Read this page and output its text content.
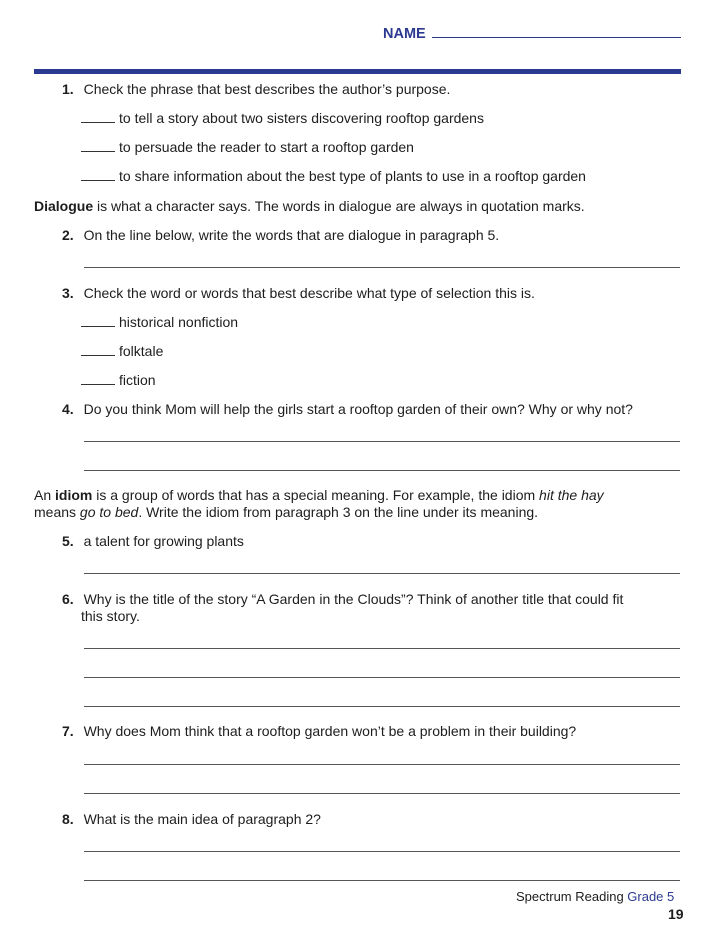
NAME
1. Check the phrase that best describes the author’s purpose.
to tell a story about two sisters discovering rooftop gardens
to persuade the reader to start a rooftop garden
to share information about the best type of plants to use in a rooftop garden
Dialogue is what a character says. The words in dialogue are always in quotation marks.
2. On the line below, write the words that are dialogue in paragraph 5.
3. Check the word or words that best describe what type of selection this is.
historical nonfiction
folktale
fiction
4. Do you think Mom will help the girls start a rooftop garden of their own? Why or why not?
An idiom is a group of words that has a special meaning. For example, the idiom hit the hay
means go to bed. Write the idiom from paragraph 3 on the line under its meaning.
5. a talent for growing plants
6. Why is the title of the story “A Garden in the Clouds”? Think of another title that could fit
this story.
7. Why does Mom think that a rooftop garden won’t be a problem in their building?
8. What is the main idea of paragraph 2?
Spectrum Reading Grade 5
19
